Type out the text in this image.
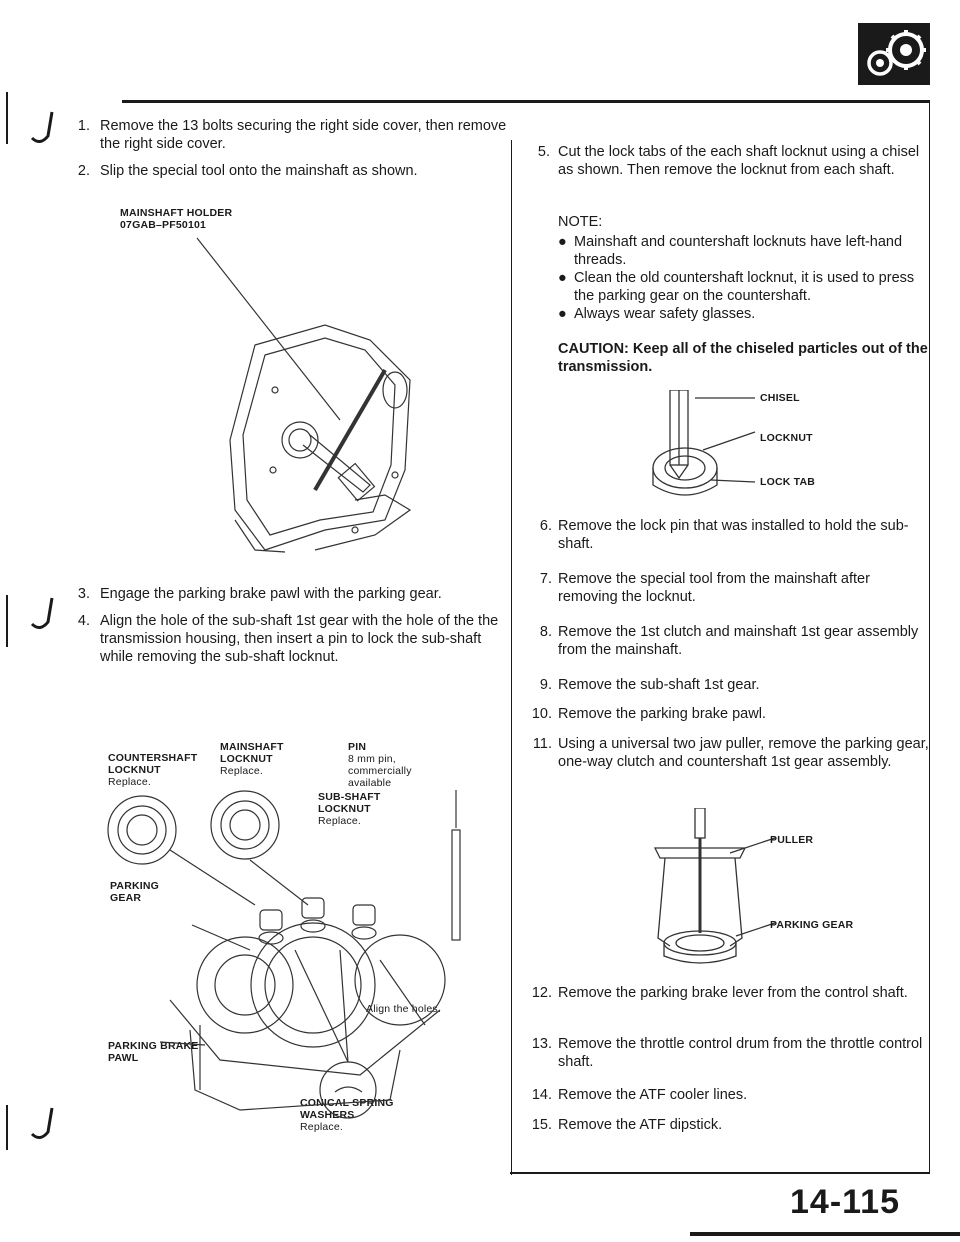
1. Remove the 13 bolts securing the right side cover, then remove the right side cover.
2. Slip the special tool onto the mainshaft as shown.
MAINSHAFT HOLDER
07GAB–PF50101
3. Engage the parking brake pawl with the parking gear.
4. Align the hole of the sub-shaft 1st gear with the hole of the the transmission housing, then insert a pin to lock the sub-shaft while removing the sub-shaft locknut.
COUNTERSHAFT LOCKNUT
Replace.
MAINSHAFT LOCKNUT
Replace.
PIN
8 mm pin, commercially available
SUB-SHAFT LOCKNUT
Replace.
PARKING GEAR
Align the holes.
PARKING BRAKE PAWL
CONICAL SPRING WASHERS
Replace.
5. Cut the lock tabs of the each shaft locknut using a chisel as shown. Then remove the locknut from each shaft.
NOTE:
● Mainshaft and countershaft locknuts have left-hand threads.
● Clean the old countershaft locknut, it is used to press the parking gear on the countershaft.
● Always wear safety glasses.
CAUTION: Keep all of the chiseled particles out of the transmission.
CHISEL
LOCKNUT
LOCK TAB
6. Remove the lock pin that was installed to hold the sub-shaft.
7. Remove the special tool from the mainshaft after removing the locknut.
8. Remove the 1st clutch and mainshaft 1st gear assembly from the mainshaft.
9. Remove the sub-shaft 1st gear.
10. Remove the parking brake pawl.
11. Using a universal two jaw puller, remove the parking gear, one-way clutch and countershaft 1st gear assembly.
PULLER
PARKING GEAR
12. Remove the parking brake lever from the control shaft.
13. Remove the throttle control drum from the throttle control shaft.
14. Remove the ATF cooler lines.
15. Remove the ATF dipstick.
14-115
